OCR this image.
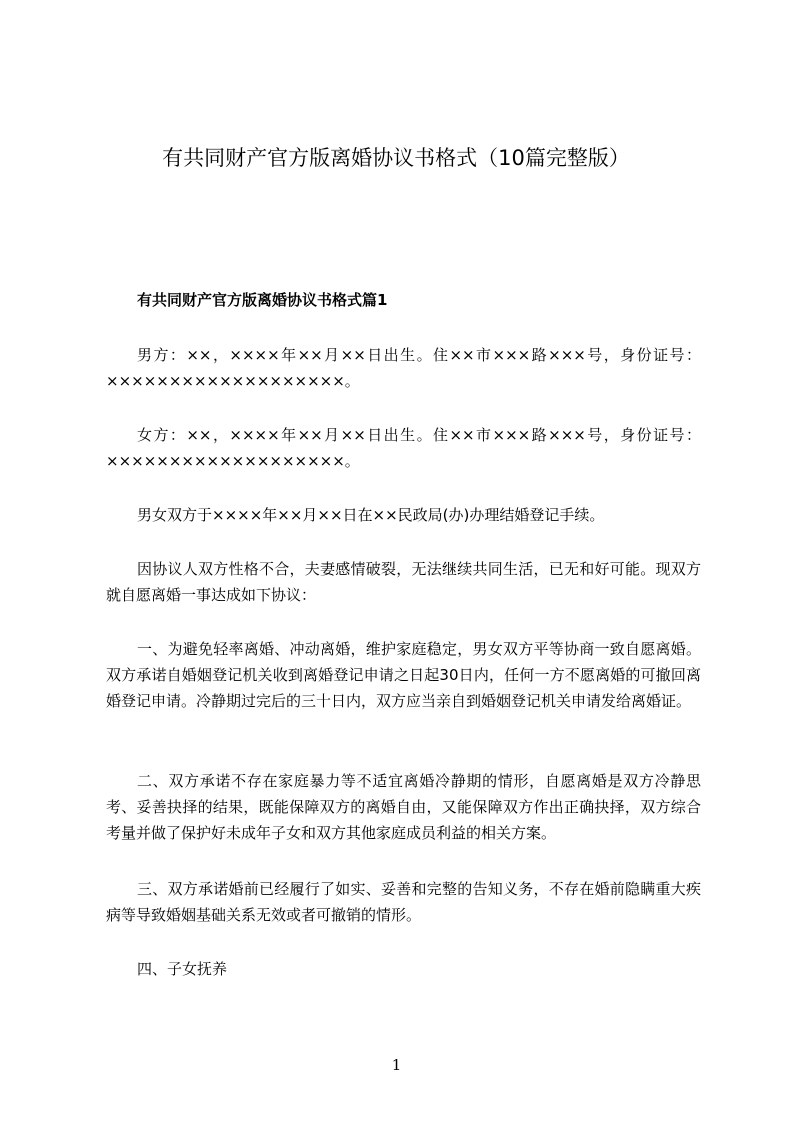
有共同财产官方版离婚协议书格式（10篇完整版）
有共同财产官方版离婚协议书格式篇1

男方：××，××××年××月××日出生。住××市×××路×××号，身份证号：×××××××××××××××××××。

女方：××，××××年××月××日出生。住××市×××路×××号，身份证号：×××××××××××××××××××。

男女双方于××××年××月××日在××民政局(办)办理结婚登记手续。

因协议人双方性格不合，夫妻感情破裂，无法继续共同生活，已无和好可能。现双方就自愿离婚一事达成如下协议：

一、为避免轻率离婚、冲动离婚，维护家庭稳定，男女双方平等协商一致自愿离婚。双方承诺自婚姻登记机关收到离婚登记申请之日起30日内，任何一方不愿离婚的可撤回离婚登记申请。冷静期过完后的三十日内，双方应当亲自到婚姻登记机关申请发给离婚证。

二、双方承诺不存在家庭暴力等不适宜离婚冷静期的情形，自愿离婚是双方冷静思考、妥善抉择的结果，既能保障双方的离婚自由，又能保障双方作出正确抉择，双方综合考量并做了保护好未成年子女和双方其他家庭成员利益的相关方案。

三、双方承诺婚前已经履行了如实、妥善和完整的告知义务，不存在婚前隐瞒重大疾病等导致婚姻基础关系无效或者可撤销的情形。

四、子女抚养

1
